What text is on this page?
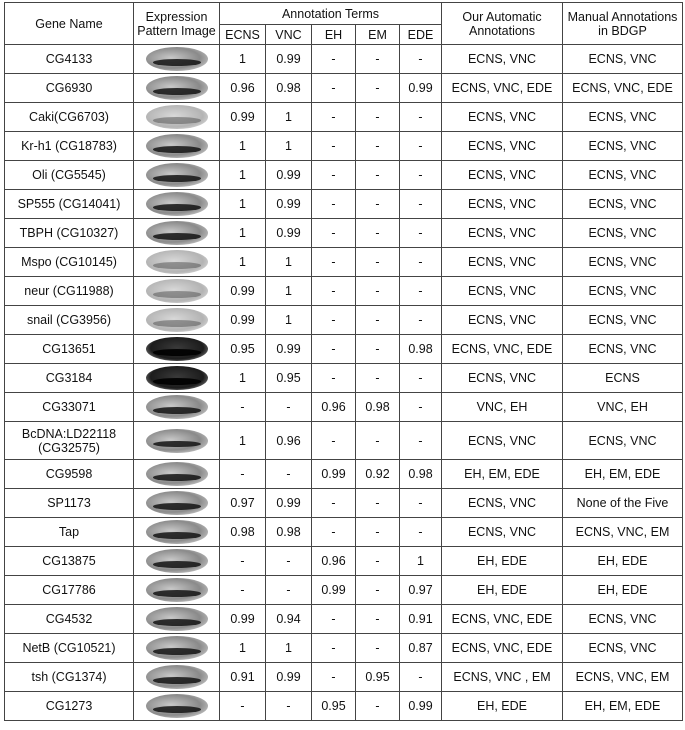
Gene Name	Expression Pattern Image	Annotation Terms					Our Automatic Annotations	Manual Annotations in BDGP
		ECNS	VNC	EH	EM	EDE		
CG4133		1	0.99	-	-	-	ECNS, VNC	ECNS, VNC
CG6930		0.96	0.98	-	-	0.99	ECNS, VNC, EDE	ECNS, VNC, EDE
Caki(CG6703)		0.99	1	-	-	-	ECNS, VNC	ECNS, VNC
Kr-h1 (CG18783)		1	1	-	-	-	ECNS, VNC	ECNS, VNC
Oli (CG5545)		1	0.99	-	-	-	ECNS, VNC	ECNS, VNC
SP555 (CG14041)		1	0.99	-	-	-	ECNS, VNC	ECNS, VNC
TBPH (CG10327)		1	0.99	-	-	-	ECNS, VNC	ECNS, VNC
Mspo (CG10145)		1	1	-	-	-	ECNS, VNC	ECNS, VNC
neur (CG11988)		0.99	1	-	-	-	ECNS, VNC	ECNS, VNC
snail (CG3956)		0.99	1	-	-	-	ECNS, VNC	ECNS, VNC
CG13651		0.95	0.99	-	-	0.98	ECNS, VNC, EDE	ECNS, VNC
CG3184		1	0.95	-	-	-	ECNS, VNC	ECNS
CG33071		-	-	0.96	0.98	-	VNC, EH	VNC, EH
BcDNA:LD22118 (CG32575)		1	0.96	-	-	-	ECNS, VNC	ECNS, VNC
CG9598		-	-	0.99	0.92	0.98	EH, EM, EDE	EH, EM, EDE
SP1173		0.97	0.99	-	-	-	ECNS, VNC	None of the Five
Tap		0.98	0.98	-	-	-	ECNS, VNC	ECNS, VNC, EM
CG13875		-	-	0.96	-	1	EH, EDE	EH, EDE
CG17786		-	-	0.99	-	0.97	EH, EDE	EH, EDE
CG4532		0.99	0.94	-	-	0.91	ECNS, VNC, EDE	ECNS, VNC
NetB (CG10521)		1	1	-	-	0.87	ECNS, VNC, EDE	ECNS, VNC
tsh (CG1374)		0.91	0.99	-	0.95	-	ECNS, VNC , EM	ECNS, VNC, EM
CG1273		-	-	0.95	-	0.99	EH, EDE	EH, EM, EDE
